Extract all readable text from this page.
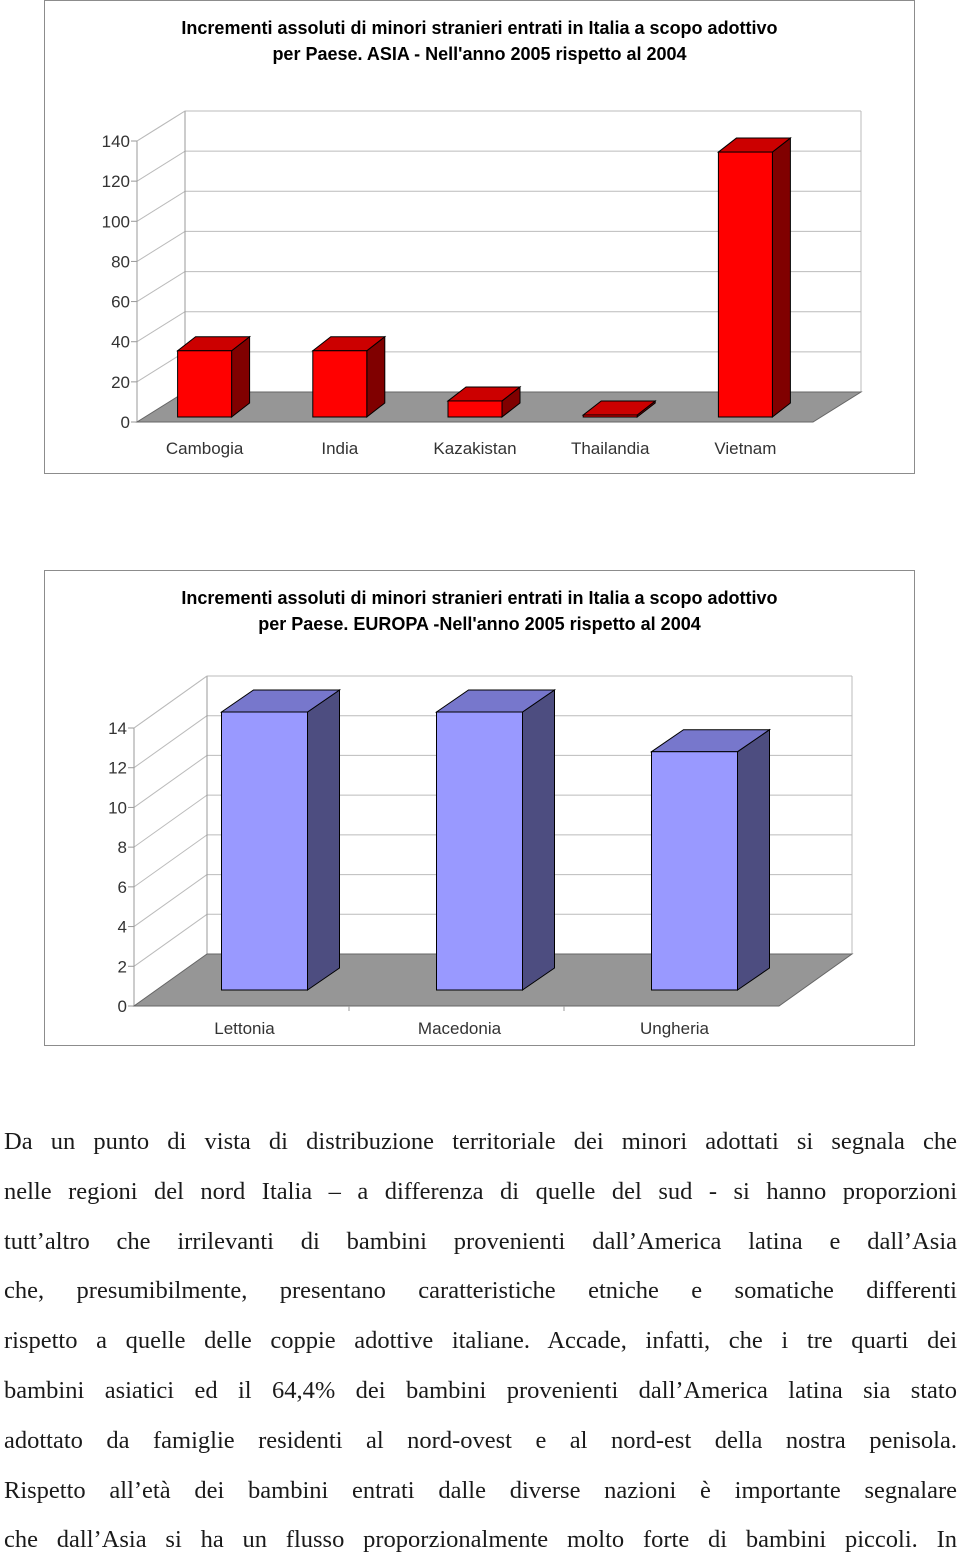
Incrementi assoluti di minori stranieri entrati in Italia a scopo adottivo
per Paese. ASIA - Nell'anno 2005 rispetto al 2004
0
20
40
60
80
100
120
140
Cambogia	India	Kazakistan	Thailandia	Vietnam
Incrementi assoluti di minori stranieri entrati in Italia a scopo adottivo
per Paese. EUROPA -Nell'anno 2005 rispetto al 2004
0
2
4
6
8
10
12
14
Lettonia	Macedonia	Ungheria
Da un punto di vista di distribuzione territoriale dei minori adottati si segnala che
nelle regioni del nord Italia – a differenza di quelle del sud - si hanno proporzioni
tutt’altro che irrilevanti di bambini provenienti dall’America latina e dall’Asia
che, presumibilmente, presentano caratteristiche etniche e somatiche differenti
rispetto a quelle delle coppie adottive italiane. Accade, infatti, che i tre quarti dei
bambini asiatici ed il 64,4% dei bambini provenienti dall’America latina sia stato
adottato da famiglie residenti al nord-ovest e al nord-est della nostra penisola.
Rispetto all’età dei bambini entrati dalle diverse nazioni è importante segnalare
che dall’Asia si ha un flusso proporzionalmente molto forte di bambini piccoli. In
